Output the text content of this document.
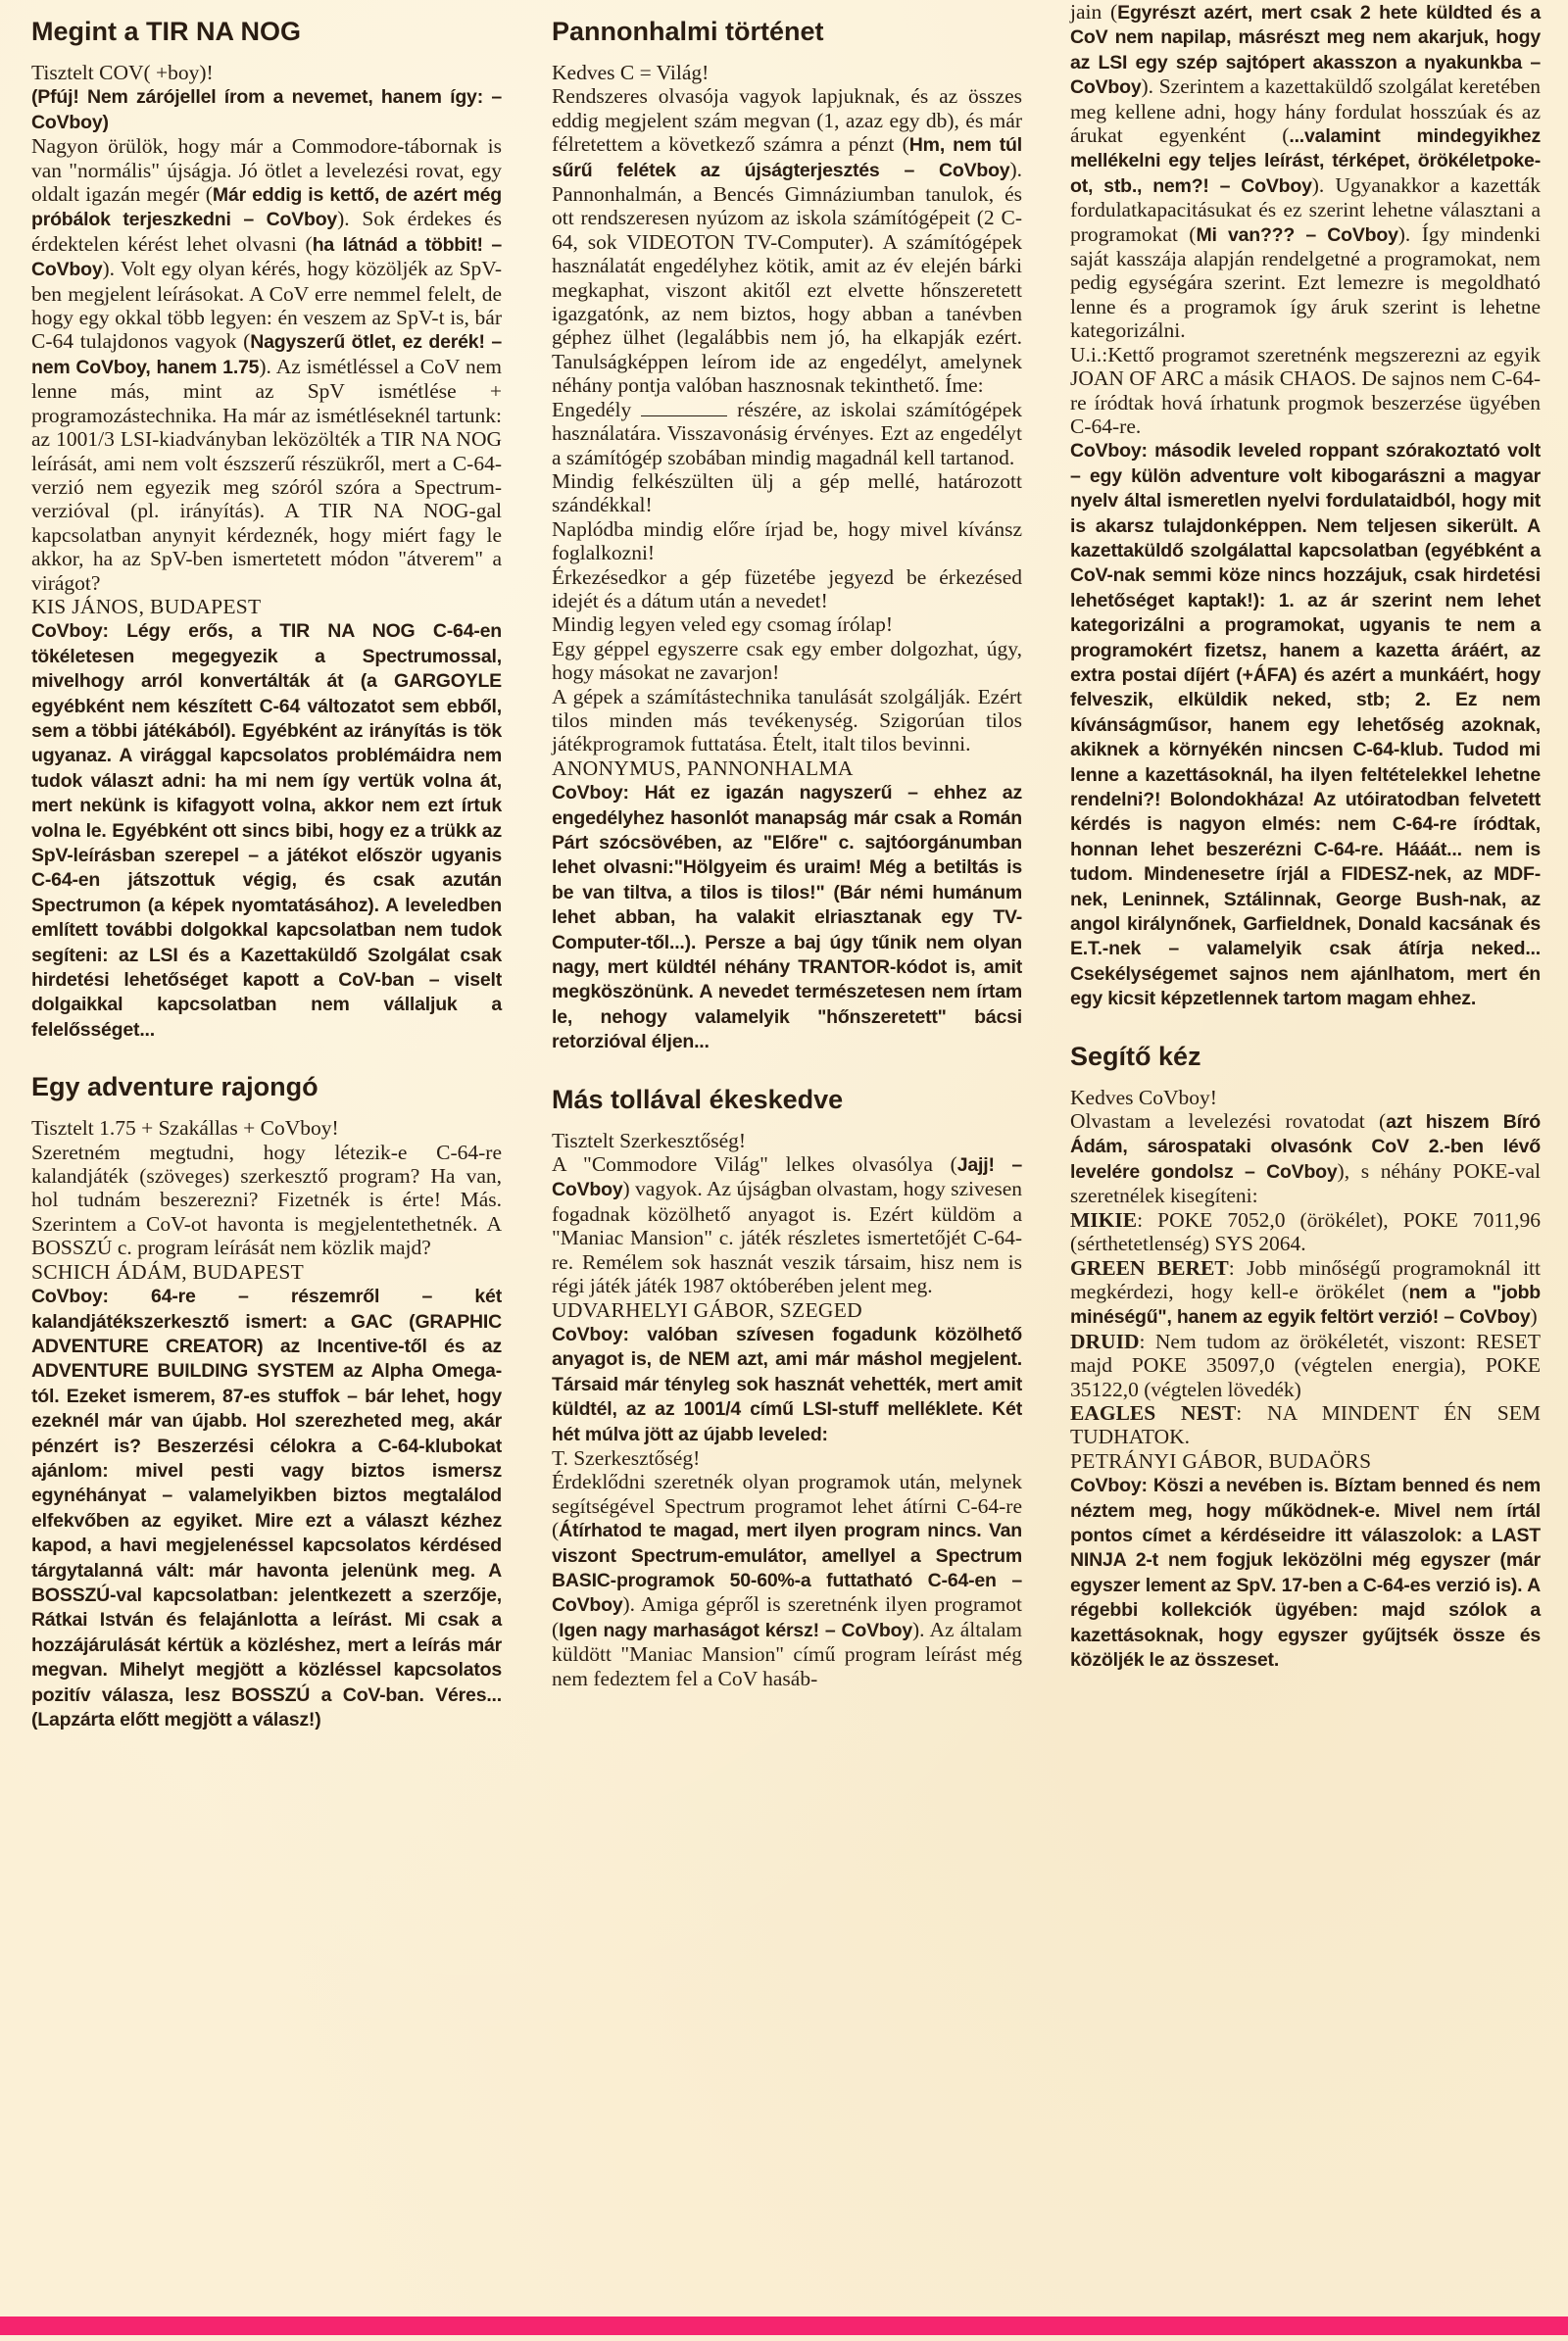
Megint a TIR NA NOG

Tisztelt COV( +boy)!

(Pfúj! Nem zárójellel írom a nevemet, hanem így: – CoVboy)

Nagyon örülök, hogy már a Commodore-tábornak is van "normális" újságja. Jó ötlet a levelezési rovat, egy oldalt igazán megér (Már eddig is kettő, de azért még próbálok terjeszkedni – CoVboy). Sok érdekes és érdektelen kérést lehet olvasni (ha látnád a többit! – CoVboy). Volt egy olyan kérés, hogy közöljék az SpV-ben megjelent leírásokat. A CoV erre nemmel felelt, de hogy egy okkal több legyen: én veszem az SpV-t is, bár C-64 tulajdonos vagyok (Nagyszerű ötlet, ez derék! – nem CoVboy, hanem 1.75). Az ismétléssel a CoV nem lenne más, mint az SpV ismétlése + programozástechnika. Ha már az ismétléseknél tartunk: az 1001/3 LSI-kiadványban leközölték a TIR NA NOG leírását, ami nem volt észszerű részükről, mert a C-64-verzió nem egyezik meg szóról szóra a Spectrum-verzióval (pl. irányítás). A TIR NA NOG-gal kapcsolatban anynyit kérdeznék, hogy miért fagy le akkor, ha az SpV-ben ismertetett módon "átverem" a virágot?

KIS JÁNOS, BUDAPEST

CoVboy: Légy erős, a TIR NA NOG C-64-en tökéletesen megegyezik a Spectrumossal, mivelhogy arról konvertálták át (a GARGOYLE egyébként nem készített C-64 változatot sem ebből, sem a többi játékából). Egyébként az irányítás is tök ugyanaz. A virággal kapcsolatos problémáidra nem tudok választ adni: ha mi nem így vertük volna át, mert nekünk is kifagyott volna, akkor nem ezt írtuk volna le. Egyébként ott sincs bibi, hogy ez a trükk az SpV-leírásban szerepel – a játékot először ugyanis C-64-en játszottuk végig, és csak azután Spectrumon (a képek nyomtatásához). A leveledben említett további dolgokkal kapcsolatban nem tudok segíteni: az LSI és a Kazettaküldő Szolgálat csak hirdetési lehetőséget kapott a CoV-ban – viselt dolgaikkal kapcsolatban nem vállaljuk a felelősséget...

Egy adventure rajongó

Tisztelt 1.75 + Szakállas + CoVboy!

Szeretném megtudni, hogy létezik-e C-64-re kalandjáték (szöveges) szerkesztő program? Ha van, hol tudnám beszerezni? Fizetnék is érte! Más. Szerintem a CoV-ot havonta is megjelentethetnék. A BOSSZÚ c. program leírását nem közlik majd?

SCHICH ÁDÁM, BUDAPEST

CoVboy: 64-re – részemről – két kalandjátékszerkesztő ismert: a GAC (GRAPHIC ADVENTURE CREATOR) az Incentive-től és az ADVENTURE BUILDING SYSTEM az Alpha Omega-tól. Ezeket ismerem, 87-es stuffok – bár lehet, hogy ezeknél már van újabb. Hol szerezheted meg, akár pénzért is? Beszerzési célokra a C-64-klubokat ajánlom: mivel pesti vagy biztos ismersz egynéhányat – valamelyikben biztos megtalálod elfekvőben az egyiket. Mire ezt a választ kézhez kapod, a havi megjelenéssel kapcsolatos kérdésed tárgytalanná vált: már havonta jelenünk meg. A BOSSZÚ-val kapcsolatban: jelentkezett a szerzője, Rátkai István és felajánlotta a leírást. Mi csak a hozzájárulását kértük a közléshez, mert a leírás már megvan. Mihelyt megjött a közléssel kapcsolatos pozitív válasza, lesz BOSSZÚ a CoV-ban. Véres... (Lapzárta előtt megjött a válasz!)

Pannonhalmi történet

Kedves C = Világ!

Rendszeres olvasója vagyok lapjuknak, és az összes eddig megjelent szám megvan (1, azaz egy db), és már félretettem a következő számra a pénzt (Hm, nem túl sűrű felétek az újságterjesztés – CoVboy). Pannonhalmán, a Bencés Gimnáziumban tanulok, és ott rendszeresen nyúzom az iskola számítógépeit (2 C-64, sok VIDEOTON TV-Computer). A számítógépek használatát engedélyhez kötik, amit az év elején bárki megkaphat, viszont akitől ezt elvette hőnszeretett igazgatónk, az nem biztos, hogy abban a tanévben géphez ülhet (legalábbis nem jó, ha elkapják ezért. Tanulságképpen leírom ide az engedélyt, amelynek néhány pontja valóban hasznosnak tekinthető. Íme:

Engedély	részére, az iskolai számítógépek használatára. Visszavonásig érvényes. Ezt az engedélyt a számítógép szobában mindig magadnál kell tartanod.

Mindig felkészülten ülj a gép mellé, határozott szándékkal!

Naplódba mindig előre írjad be, hogy mivel kívánsz foglalkozni!

Érkezésedkor a gép füzetébe jegyezd be érkezésed idejét és a dátum után a nevedet!

Mindig legyen veled egy csomag írólap!

Egy géppel egyszerre csak egy ember dolgozhat, úgy, hogy másokat ne zavarjon!

A gépek a számítástechnika tanulását szolgálják. Ezért tilos minden más tevékenység. Szigorúan tilos játékprogramok futtatása. Ételt, italt tilos bevinni.

ANONYMUS, PANNONHALMA

CoVboy: Hát ez igazán nagyszerű – ehhez az engedélyhez hasonlót manapság már csak a Román Párt szócsövében, az "Előre" c. sajtóorgánumban lehet olvasni:"Hölgyeim és uraim! Még a betiltás is be van tiltva, a tilos is tilos!" (Bár némi humánum lehet abban, ha valakit elriasztanak egy TV-Computer-től...). Persze a baj úgy tűnik nem olyan nagy, mert küldtél néhány TRANTOR-kódot is, amit megköszönünk. A nevedet természetesen nem írtam le, nehogy valamelyik "hőnszeretett" bácsi retorzióval éljen...

Más tollával ékeskedve

Tisztelt Szerkesztőség!

A "Commodore Világ" lelkes olvasólya (Jajj! – CoVboy) vagyok. Az újságban olvastam, hogy szivesen fogadnak közölhető anyagot is. Ezért küldöm a "Maniac Mansion" c. játék részletes ismertetőjét C-64-re. Remélem sok hasznát veszik társaim, hisz nem is régi játék játék 1987 októberében jelent meg.

UDVARHELYI GÁBOR, SZEGED

CoVboy: valóban szívesen fogadunk közölhető anyagot is, de NEM azt, ami már máshol megjelent. Társaid már tényleg sok hasznát vehették, mert amit küldtél, az az 1001/4 című LSI-stuff melléklete. Két hét múlva jött az újabb leveled:

T. Szerkesztőség!

Érdeklődni szeretnék olyan programok után, melynek segítségével Spectrum programot lehet átírni C-64-re (Átírhatod te magad, mert ilyen program nincs. Van viszont Spectrum-emulátor, amellyel a Spectrum BASIC-programok 50-60%-a futtatható C-64-en – CoVboy). Amiga gépről is szeretnénk ilyen programot (Igen nagy marhaságot kérsz! – CoVboy). Az általam küldött "Maniac Mansion" című program leírást még nem fedeztem fel a CoV hasáb-

jain (Egyrészt azért, mert csak 2 hete küldted és a CoV nem napilap, másrészt meg nem akarjuk, hogy az LSI egy szép sajtópert akasszon a nyakunkba – CoVboy). Szerintem a kazettaküldő szolgálat keretében meg kellene adni, hogy hány fordulat hosszúak és az árukat egyenként (...valamint mindegyikhez mellékelni egy teljes leírást, térképet, örökéletpoke-ot, stb., nem?! – CoVboy). Ugyanakkor a kazetták fordulatkapacitásukat és ez szerint lehetne választani a programokat (Mi van??? – CoVboy). Így mindenki saját kasszája alapján rendelgetné a programokat, nem pedig egységára szerint. Ezt lemezre is megoldható lenne és a programok így áruk szerint is lehetne kategorizálni.

U.i.:Kettő programot szeretnénk megszerezni az egyik JOAN OF ARC a másik CHAOS. De sajnos nem C-64-re íródtak hová írhatunk progmok beszerzése ügyében C-64-re.

CoVboy: második leveled roppant szórakoztató volt – egy külön adventure volt kibogarászni a magyar nyelv által ismeretlen nyelvi fordulataidból, hogy mit is akarsz tulajdonképpen. Nem teljesen sikerült. A kazettaküldő szolgálattal kapcsolatban (egyébként a CoV-nak semmi köze nincs hozzájuk, csak hirdetési lehetőséget kaptak!): 1. az ár szerint nem lehet kategorizálni a programokat, ugyanis te nem a programokért fizetsz, hanem a kazetta áráért, az extra postai díjért (+ÁFA) és azért a munkáért, hogy felveszik, elküldik neked, stb; 2. Ez nem kívánságműsor, hanem egy lehetőség azoknak, akiknek a környékén nincsen C-64-klub. Tudod mi lenne a kazettásoknál, ha ilyen feltételekkel lehetne rendelni?! Bolondokháza! Az utóiratodban felvetett kérdés is nagyon elmés: nem C-64-re íródtak, honnan lehet beszerézni C-64-re. Hááát... nem is tudom. Mindenesetre írjál a FIDESZ-nek, az MDF-nek, Leninnek, Sztálinnak, George Bush-nak, az angol királynőnek, Garfieldnek, Donald kacsának és E.T.-nek – valamelyik csak átírja neked... Csekélységemet sajnos nem ajánlhatom, mert én egy kicsit képzetlennek tartom magam ehhez.

Segítő kéz

Kedves CoVboy!

Olvastam a levelezési rovatodat (azt hiszem Bíró Ádám, sárospataki olvasónk CoV 2.-ben lévő levelére gondolsz – CoVboy), s néhány POKE-val szeretnélek kisegíteni:

MIKIE: POKE 7052,0 (örökélet), POKE 7011,96 (sérthetetlenség) SYS 2064.

GREEN BERET: Jobb minőségű programoknál itt megkérdezi, hogy kell-e örökélet (nem a "jobb minéségű", hanem az egyik feltört verzió! – CoVboy)

DRUID: Nem tudom az örökéletét, viszont: RESET majd POKE 35097,0 (végtelen energia), POKE 35122,0 (végtelen lövedék)

EAGLES NEST: NA MINDENT ÉN SEM TUDHATOK.

PETRÁNYI GÁBOR, BUDAÖRS

CoVboy: Köszi a nevében is. Bíztam benned és nem néztem meg, hogy működnek-e. Mivel nem írtál pontos címet a kérdéseidre itt válaszolok: a LAST NINJA 2-t nem fogjuk leközölni még egyszer (már egyszer lement az SpV. 17-ben a C-64-es verzió is). A régebbi kollekciók ügyében: majd szólok a kazettásoknak, hogy egyszer gyűjtsék össze és közöljék le az összeset.
